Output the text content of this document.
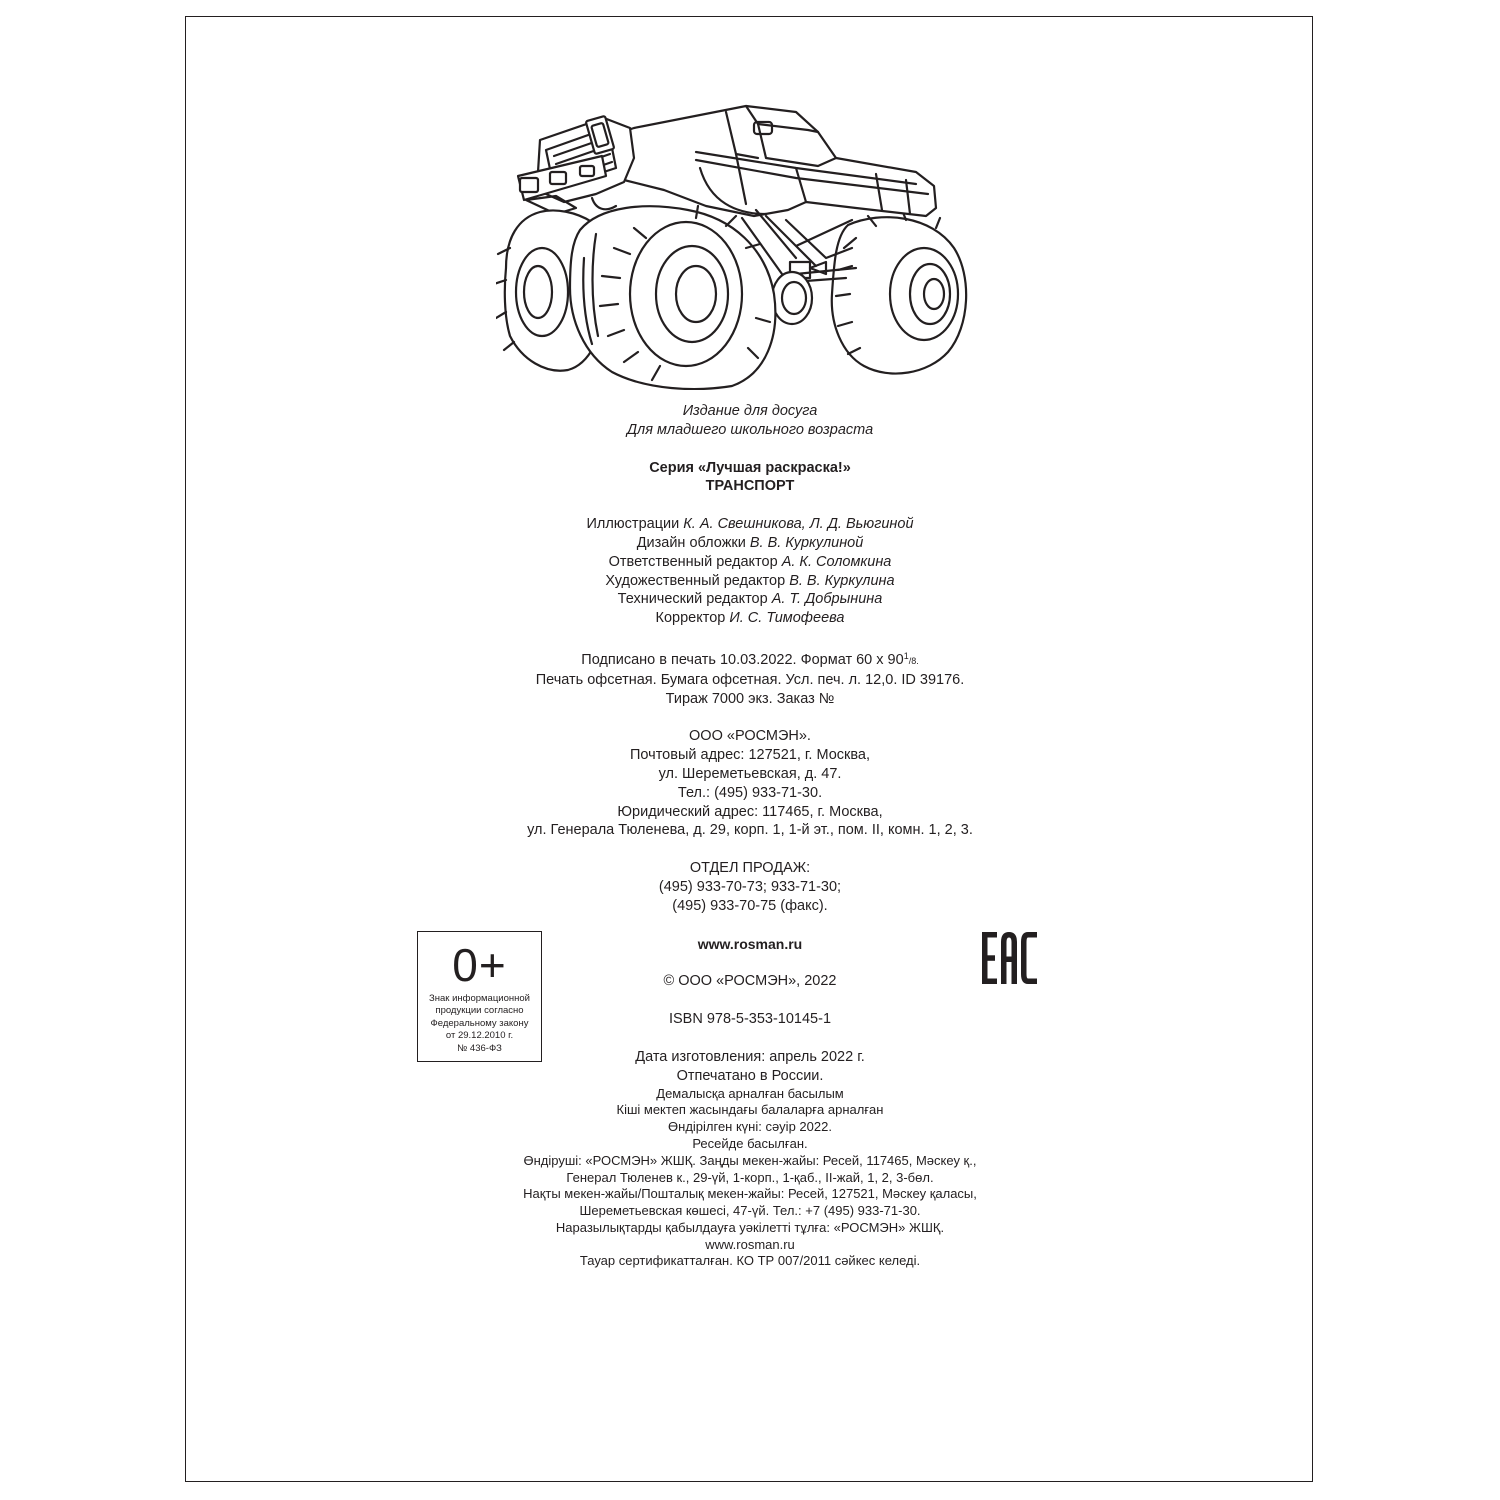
Издание для досуга
Для младшего школьного возраста
Серия «Лучшая раскраска!»
ТРАНСПОРТ
Иллюстрации К. А. Свешникова, Л. Д. Вьюгиной
Дизайн обложки В. В. Куркулиной
Ответственный редактор А. К. Соломкина
Художественный редактор В. В. Куркулина
Технический редактор А. Т. Добрынина
Корректор И. С. Тимофеева
Подписано в печать 10.03.2022. Формат 60 х $90^1/8$.
Печать офсетная. Бумага офсетная. Усл. печ. л. 12,0. ID 39176.
Тираж 7000 экз. Заказ №
ООО «РОСМЭН».
Почтовый адрес: 127521, г. Москва,
ул. Шереметьевская, д. 47.
Тел.: (495) 933-71-30.
Юридический адрес: 117465, г. Москва,
ул. Генерала Тюленева, д. 29, корп. 1, 1-й эт., пом. II, комн. 1, 2, 3.
ОТДЕЛ ПРОДАЖ:
(495) 933-70-73; 933-71-30;
(495) 933-70-75 (факс).
www.rosman.ru
© ООО «РОСМЭН», 2022
ISBN 978-5-353-10145-1
Дата изготовления: апрель 2022 г.
Отпечатано в России.
Демалысқа арналған басылым
Кіші мектеп жасындағы балаларға арналған
Өндірілген күні: сәуір 2022.
Ресейде басылған.
Өндіруші: «РОСМЭН» ЖШҚ. Заңды мекен-жайы: Ресей, 117465, Мәскеу қ.,
Генерал Тюленев к., 29-үй, 1-корп., 1-қаб., II-жай, 1, 2, 3-бөл.
Нақты мекен-жайы/Пошталық мекен-жайы: Ресей, 127521, Мәскеу қаласы,
Шереметьевская көшесі, 47-үй. Тел.: +7 (495) 933-71-30.
Наразылықтарды қабылдауға уәкілетті тұлға: «РОСМЭН» ЖШҚ.
www.rosman.ru
Тауар сертификатталған. КО ТР 007/2011 сәйкес келеді.
0+
Знак информационной
продукции согласно
Федеральному закону
от 29.12.2010 г.
№ 436-ФЗ
